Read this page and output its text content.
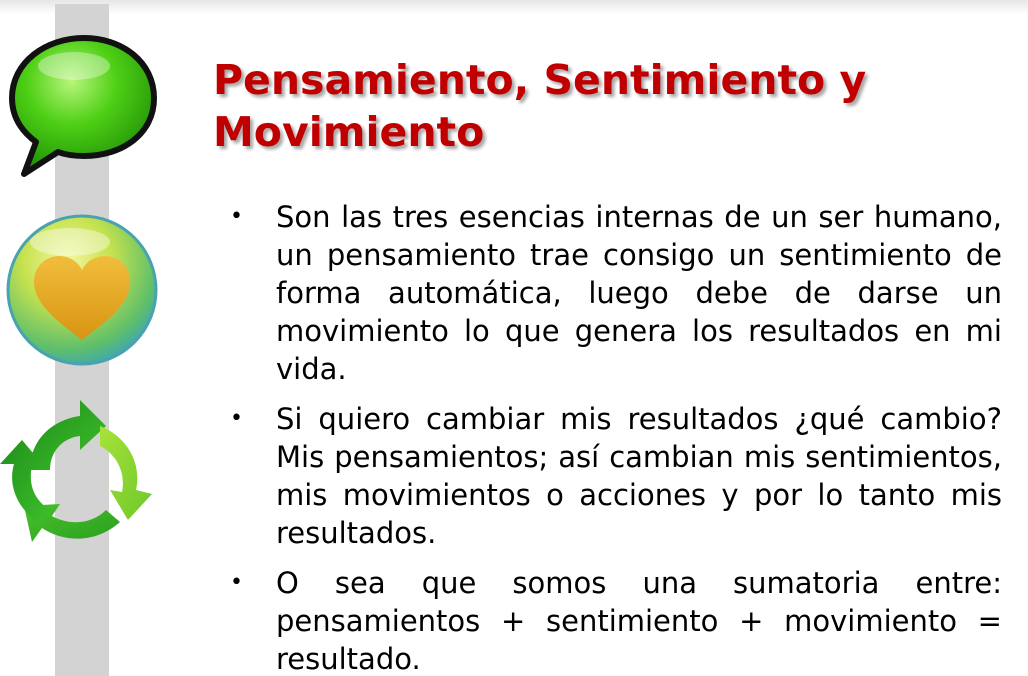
Pensamiento, Sentimiento y Movimiento
• Son las tres esencias internas de un ser humano, un pensamiento trae consigo un sentimiento de forma automática, luego debe de darse un movimiento lo que genera los resultados en mi vida.
• Si quiero cambiar mis resultados ¿qué cambio? Mis pensamientos; así cambian mis sentimientos, mis movimientos o acciones y por lo tanto mis resultados.
• O sea que somos una sumatoria entre: pensamientos + sentimiento + movimiento = resultado.
